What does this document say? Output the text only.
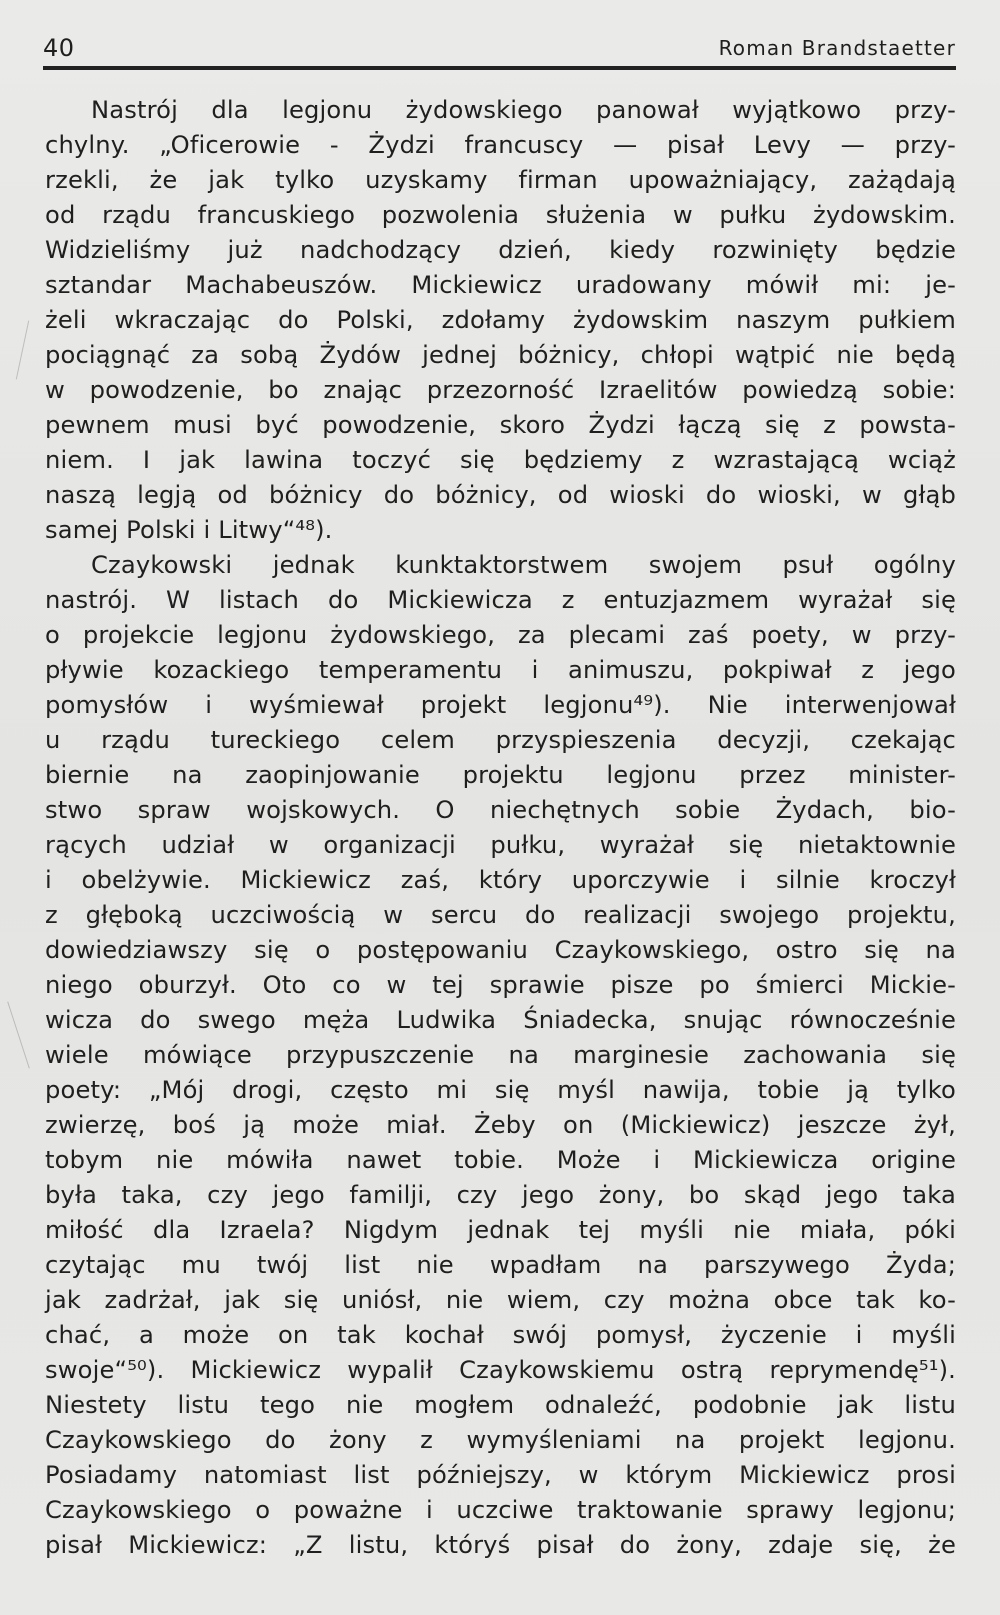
40	Roman Brandstaetter
Nastrój dla legjonu żydowskiego panował wyjątkowo przy-
chylny. „Oficerowie - Żydzi francuscy — pisał Levy — przy-
rzekli, że jak tylko uzyskamy firman upoważniający, zażądają
od rządu francuskiego pozwolenia służenia w pułku żydowskim.
Widzieliśmy już nadchodzący dzień, kiedy rozwinięty będzie
sztandar Machabeuszów. Mickiewicz uradowany mówił mi: je-
żeli wkraczając do Polski, zdołamy żydowskim naszym pułkiem
pociągnąć za sobą Żydów jednej bóżnicy, chłopi wątpić nie będą
w powodzenie, bo znając przezorność Izraelitów powiedzą sobie:
pewnem musi być powodzenie, skoro Żydzi łączą się z powsta-
niem. I jak lawina toczyć się będziemy z wzrastającą wciąż
naszą legją od bóżnicy do bóżnicy, od wioski do wioski, w głąb
samej Polski i Litwy“⁴⁸).
Czaykowski jednak kunktaktorstwem swojem psuł ogólny
nastrój. W listach do Mickiewicza z entuzjazmem wyrażał się
o projekcie legjonu żydowskiego, za plecami zaś poety, w przy-
pływie kozackiego temperamentu i animuszu, pokpiwał z jego
pomysłów i wyśmiewał projekt legjonu⁴⁹). Nie interwenjował
u rządu tureckiego celem przyspieszenia decyzji, czekając
biernie na zaopinjowanie projektu legjonu przez minister-
stwo spraw wojskowych. O niechętnych sobie Żydach, bio-
rących udział w organizacji pułku, wyrażał się nietaktownie
i obelżywie. Mickiewicz zaś, który uporczywie i silnie kroczył
z głęboką uczciwością w sercu do realizacji swojego projektu,
dowiedziawszy się o postępowaniu Czaykowskiego, ostro się na
niego oburzył. Oto co w tej sprawie pisze po śmierci Mickie-
wicza do swego męża Ludwika Śniadecka, snując równocześnie
wiele mówiące przypuszczenie na marginesie zachowania się
poety: „Mój drogi, często mi się myśl nawija, tobie ją tylko
zwierzę, boś ją może miał. Żeby on (Mickiewicz) jeszcze żył,
tobym nie mówiła nawet tobie. Może i Mickiewicza origine
była taka, czy jego familji, czy jego żony, bo skąd jego taka
miłość dla Izraela? Nigdym jednak tej myśli nie miała, póki
czytając mu twój list nie wpadłam na parszywego Żyda;
jak zadrżał, jak się uniósł, nie wiem, czy można obce tak ko-
chać, a może on tak kochał swój pomysł, życzenie i myśli
swoje“⁵⁰). Mickiewicz wypalił Czaykowskiemu ostrą reprymendę⁵¹).
Niestety listu tego nie mogłem odnaleźć, podobnie jak listu
Czaykowskiego do żony z wymyśleniami na projekt legjonu.
Posiadamy natomiast list późniejszy, w którym Mickiewicz prosi
Czaykowskiego o poważne i uczciwe traktowanie sprawy legjonu;
pisał Mickiewicz: „Z listu, któryś pisał do żony, zdaje się, że
